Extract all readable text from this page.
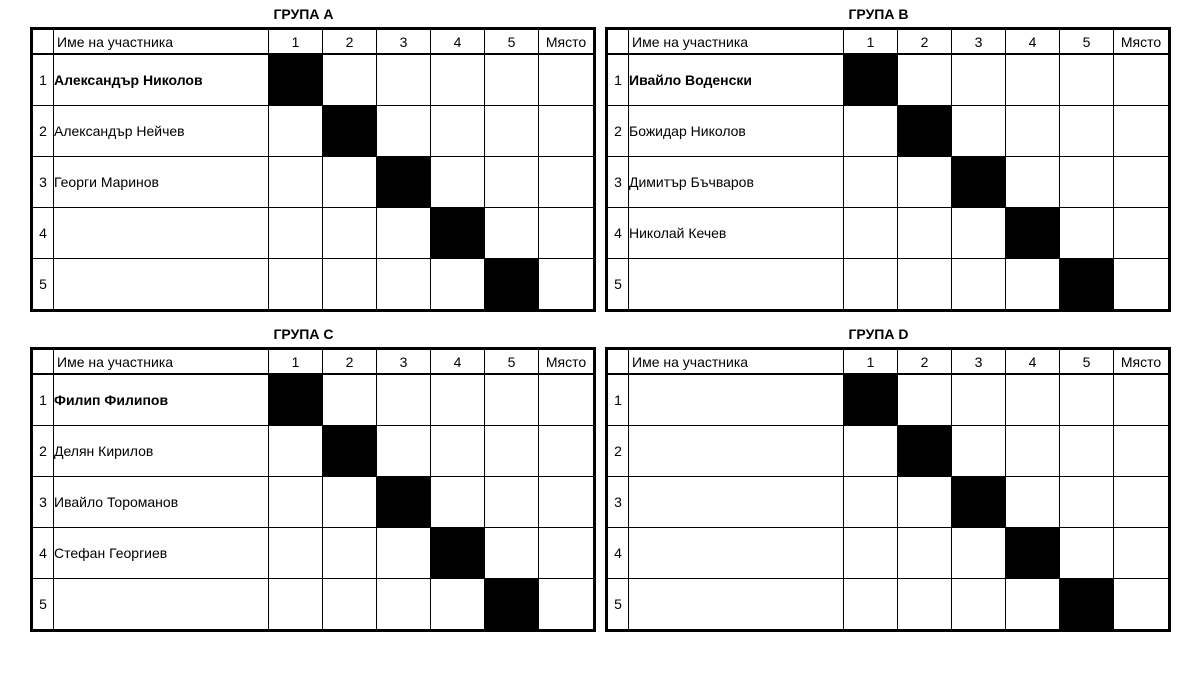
ГРУПА А
	Име на участника	1	2	3	4	5	Място
1	Александър Николов						
2	Александър Нейчев						
3	Георги Маринов						
4							
5							
ГРУПА B
	Име на участника	1	2	3	4	5	Място
1	Ивайло Воденски						
2	Божидар Николов						
3	Димитър Бъчваров						
4	Николай Кечев						
5							
ГРУПА C
	Име на участника	1	2	3	4	5	Място
1	Филип Филипов						
2	Делян Кирилов						
3	Ивайло Тороманов						
4	Стефан Георгиев						
5							
ГРУПА D
	Име на участника	1	2	3	4	5	Място
1							
2							
3							
4							
5							
